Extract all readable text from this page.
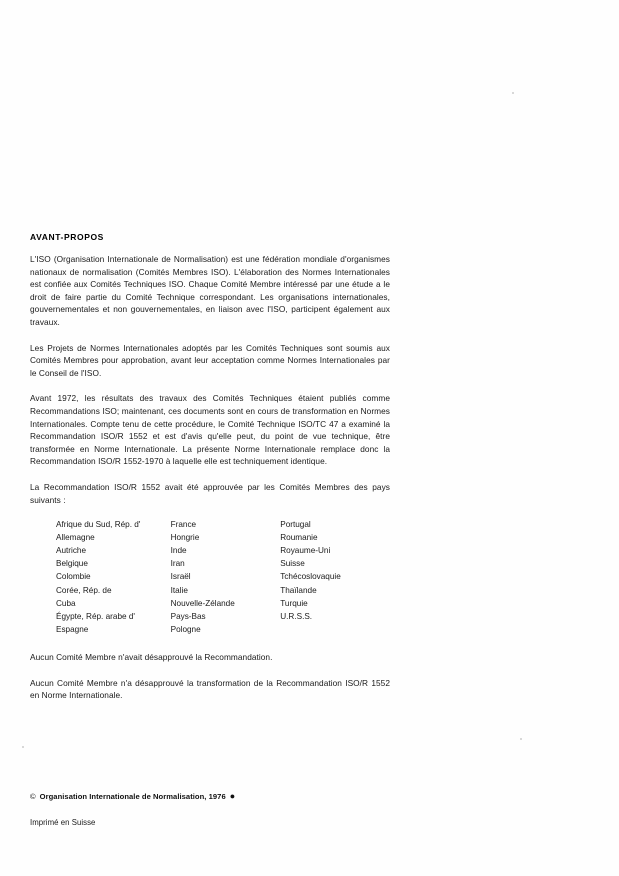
AVANT-PROPOS

L'ISO (Organisation Internationale de Normalisation) est une fédération mondiale d'organismes nationaux de normalisation (Comités Membres ISO). L'élaboration des Normes Internationales est confiée aux Comités Techniques ISO. Chaque Comité Membre intéressé par une étude a le droit de faire partie du Comité Technique correspondant. Les organisations internationales, gouvernementales et non gouvernementales, en liaison avec l'ISO, participent également aux travaux.

Les Projets de Normes Internationales adoptés par les Comités Techniques sont soumis aux Comités Membres pour approbation, avant leur acceptation comme Normes Internationales par le Conseil de l'ISO.

Avant 1972, les résultats des travaux des Comités Techniques étaient publiés comme Recommandations ISO; maintenant, ces documents sont en cours de transformation en Normes Internationales. Compte tenu de cette procédure, le Comité Technique ISO/TC 47 a examiné la Recommandation ISO/R 1552 et est d'avis qu'elle peut, du point de vue technique, être transformée en Norme Internationale. La présente Norme Internationale remplace donc la Recommandation ISO/R 1552-1970 à laquelle elle est techniquement identique.

La Recommandation ISO/R 1552 avait été approuvée par les Comités Membres des pays suivants :

Afrique du Sud, Rép. d'	France	Portugal
Allemagne	Hongrie	Roumanie
Autriche	Inde	Royaume-Uni
Belgique	Iran	Suisse
Colombie	Israël	Tchécoslovaquie
Corée, Rép. de	Italie	Thaïlande
Cuba	Nouvelle-Zélande	Turquie
Égypte, Rép. arabe d'	Pays-Bas	U.R.S.S.
Espagne	Pologne	

Aucun Comité Membre n'avait désapprouvé la Recommandation.

Aucun Comité Membre n'a désapprouvé la transformation de la Recommandation ISO/R 1552 en Norme Internationale.

© Organisation Internationale de Normalisation, 1976 ●

Imprimé en Suisse
